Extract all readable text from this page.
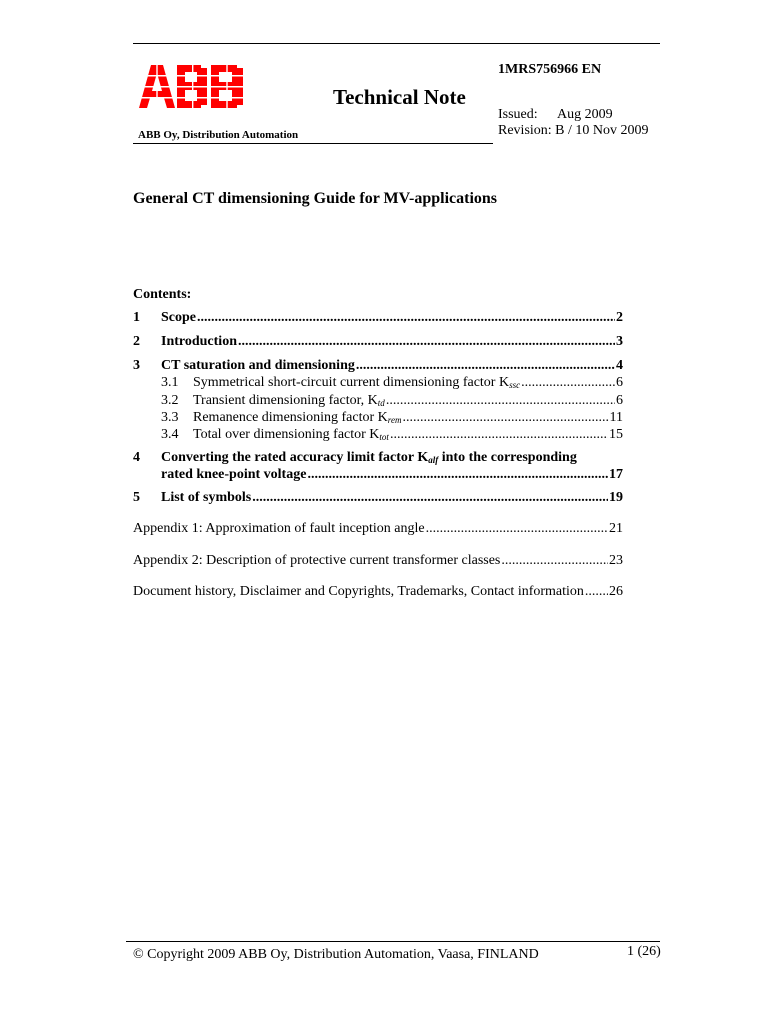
1MRS756966 EN
Technical Note
Issued: Aug 2009
Revision: B / 10 Nov 2009
ABB Oy, Distribution Automation
General CT dimensioning Guide for MV-applications
Contents:
1	Scope .....	2
2	Introduction .....	3
3	CT saturation and dimensioning .....	4
3.1	Symmetrical short-circuit current dimensioning factor $K_{ssc}$ .....	6
3.2	Transient dimensioning factor, $K_{td}$ .....	6
3.3	Remanence dimensioning factor $K_{rem}$ .....	11
3.4	Total over dimensioning factor $K_{tot}$ .....	15
4 Converting the rated accuracy limit factor $K_{alf}$ into the corresponding
rated knee-point voltage .....	17
5	List of symbols .....	19
Appendix 1: Approximation of fault inception angle .....	21
Appendix 2: Description of protective current transformer classes .....	23
Document history, Disclaimer and Copyrights, Trademarks, Contact information ..... 26
© Copyright 2009 ABB Oy, Distribution Automation, Vaasa, FINLAND	1 (26)
